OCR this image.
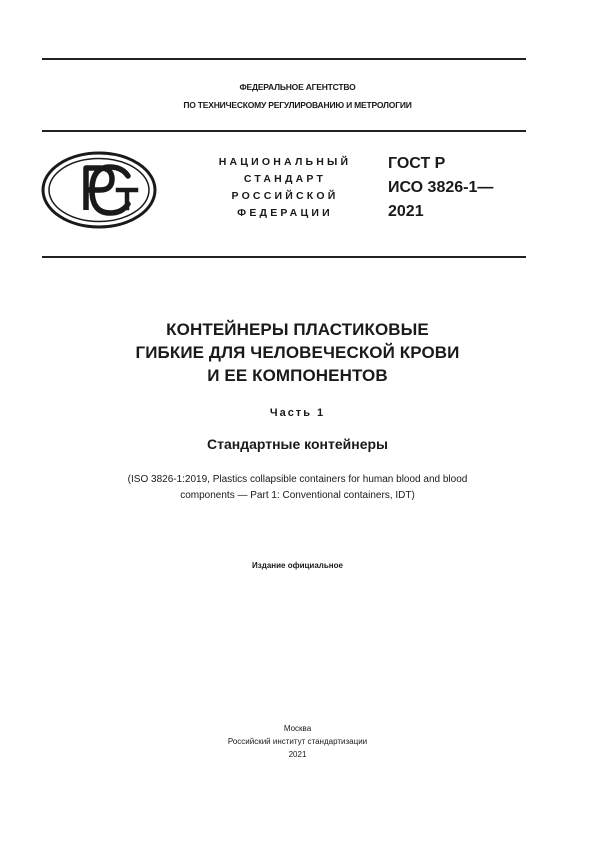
ФЕДЕРАЛЬНОЕ АГЕНТСТВО
ПО ТЕХНИЧЕСКОМУ РЕГУЛИРОВАНИЮ И МЕТРОЛОГИИ
НАЦИОНАЛЬНЫЙ
СТАНДАРТ
РОССИЙСКОЙ
ФЕДЕРАЦИИ
ГОСТ Р
ИСО 3826-1—
2021
КОНТЕЙНЕРЫ ПЛАСТИКОВЫЕ
ГИБКИЕ ДЛЯ ЧЕЛОВЕЧЕСКОЙ КРОВИ
И ЕЕ КОМПОНЕНТОВ
Часть 1
Стандартные контейнеры
(ISO 3826-1:2019, Plastics collapsible containers for human blood and blood
components — Part 1: Conventional containers, IDT)
Издание официальное
Москва
Российский институт стандартизации
2021
